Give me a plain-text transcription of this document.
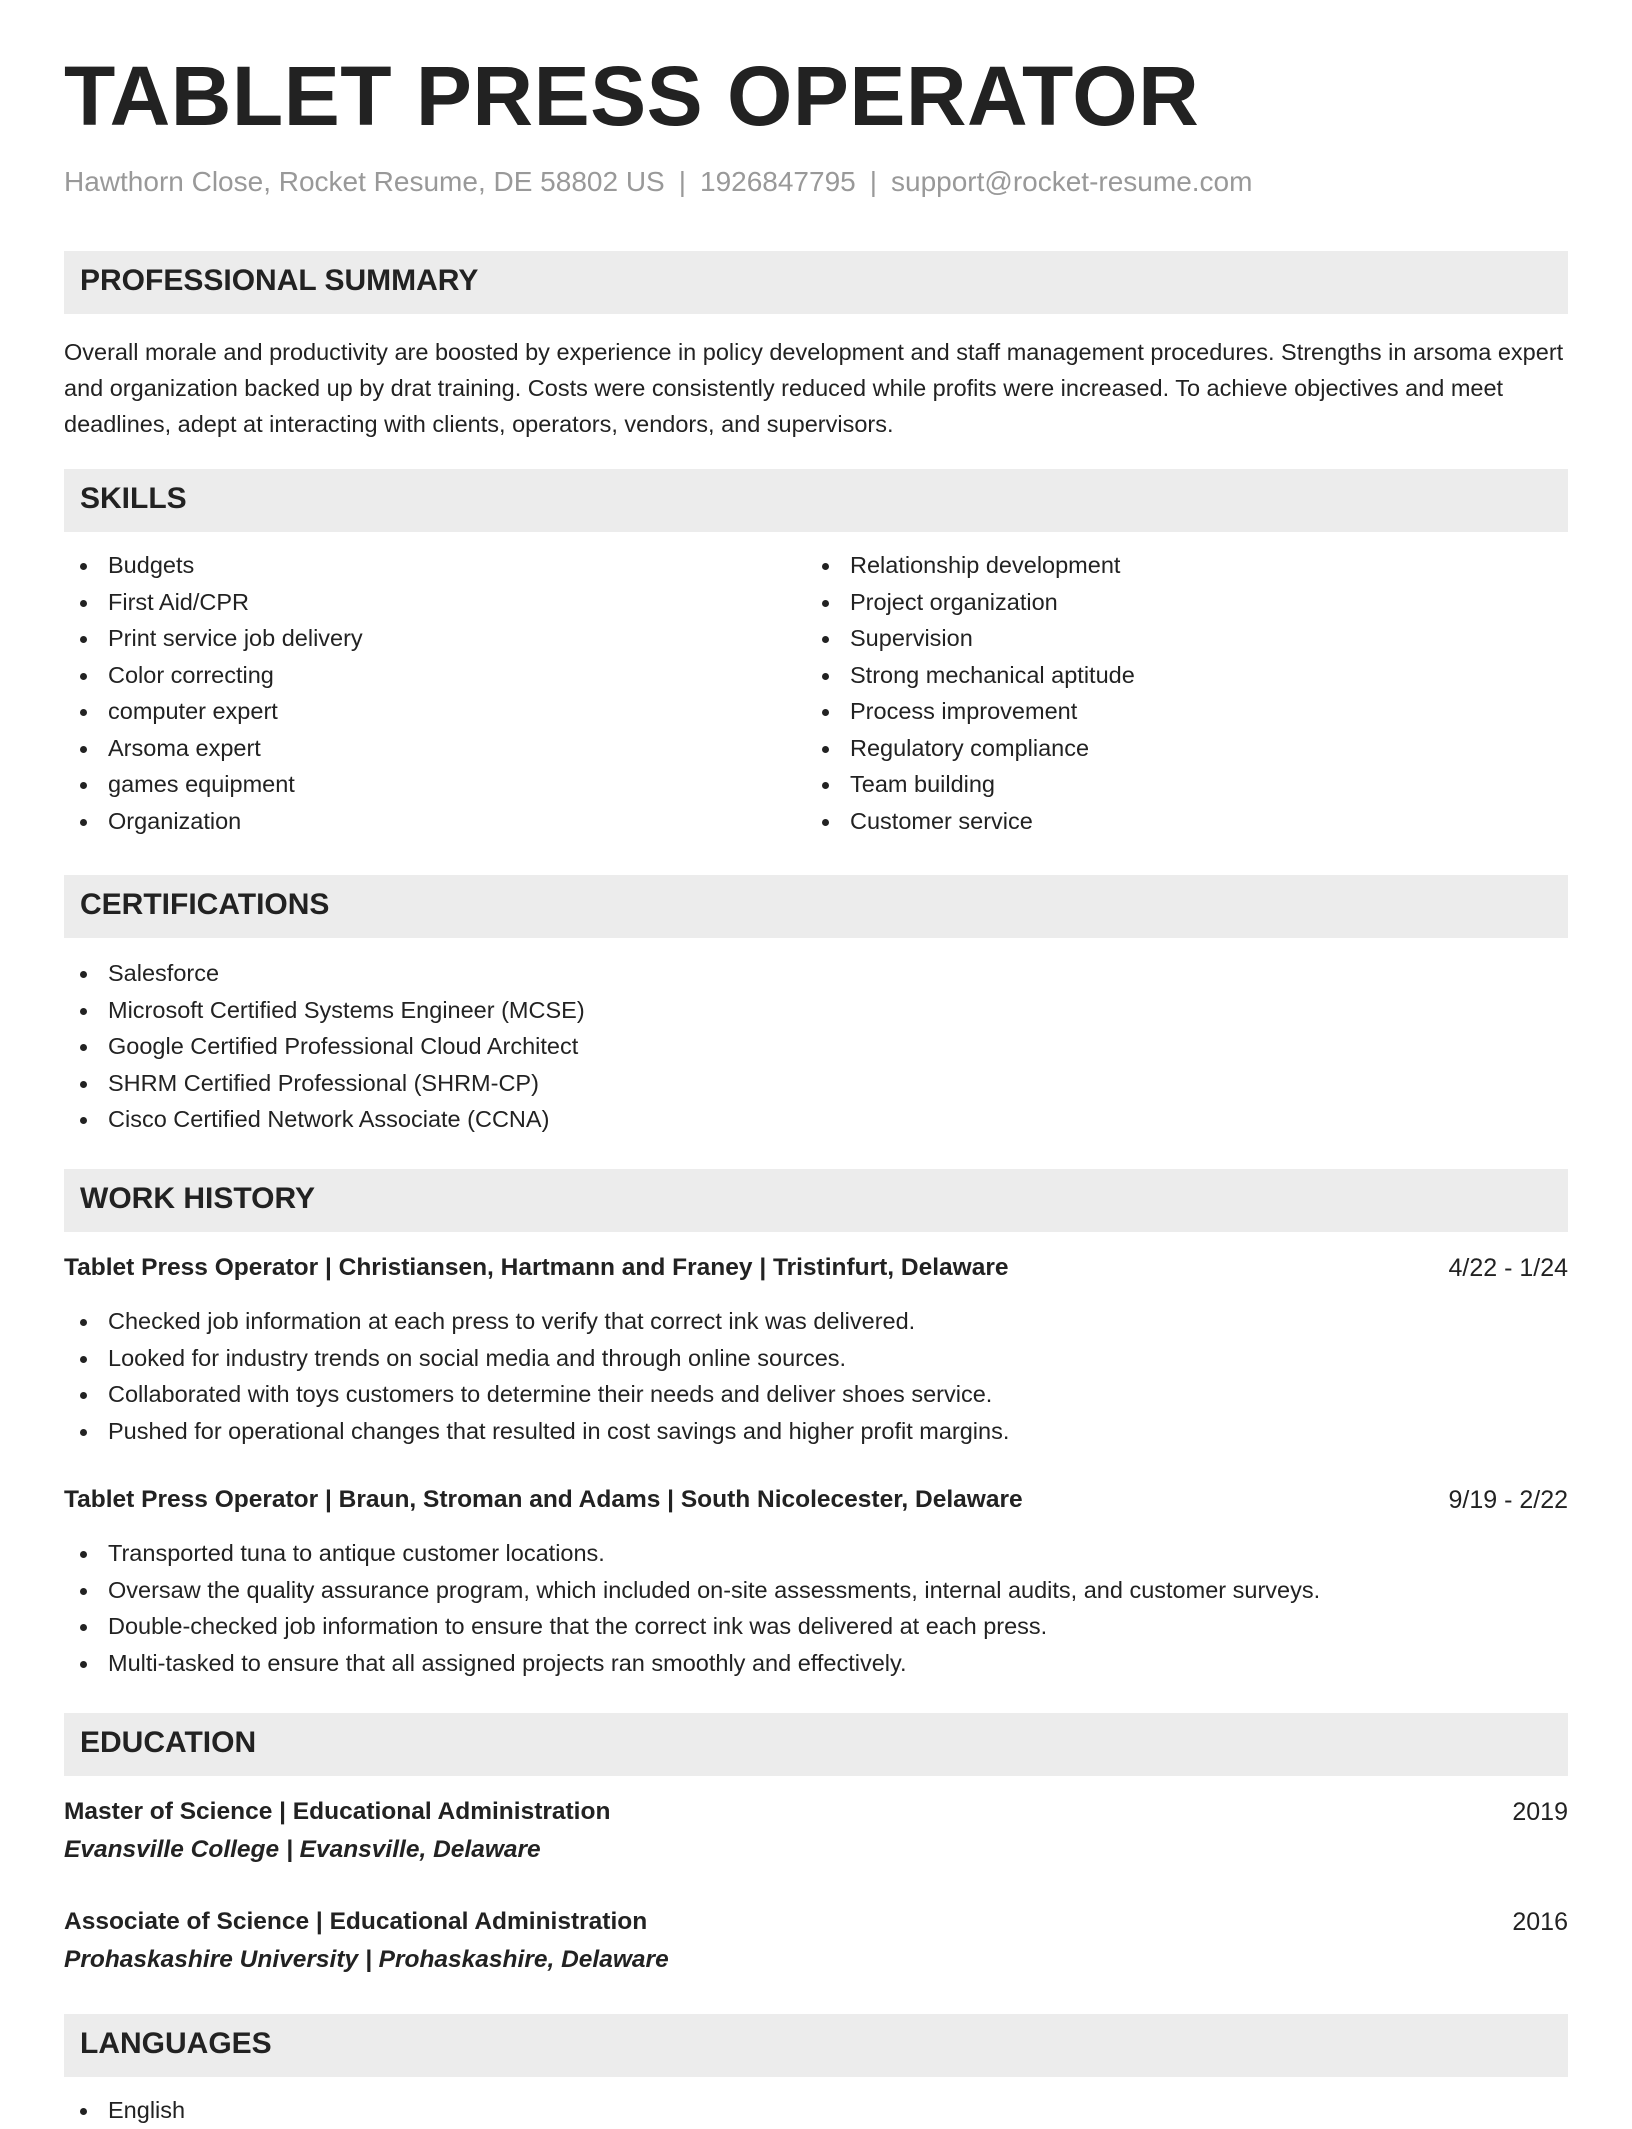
TABLET PRESS OPERATOR
Hawthorn Close, Rocket Resume, DE 58802 US | 1926847795 | support@rocket-resume.com
PROFESSIONAL SUMMARY
Overall morale and productivity are boosted by experience in policy development and staff management procedures. Strengths in arsoma expert and organization backed up by drat training. Costs were consistently reduced while profits were increased. To achieve objectives and meet deadlines, adept at interacting with clients, operators, vendors, and supervisors.
SKILLS
Budgets
First Aid/CPR
Print service job delivery
Color correcting
computer expert
Arsoma expert
games equipment
Organization
Relationship development
Project organization
Supervision
Strong mechanical aptitude
Process improvement
Regulatory compliance
Team building
Customer service
CERTIFICATIONS
Salesforce
Microsoft Certified Systems Engineer (MCSE)
Google Certified Professional Cloud Architect
SHRM Certified Professional (SHRM-CP)
Cisco Certified Network Associate (CCNA)
WORK HISTORY
Tablet Press Operator | Christiansen, Hartmann and Franey | Tristinfurt, Delaware	4/22 - 1/24
Checked job information at each press to verify that correct ink was delivered.
Looked for industry trends on social media and through online sources.
Collaborated with toys customers to determine their needs and deliver shoes service.
Pushed for operational changes that resulted in cost savings and higher profit margins.
Tablet Press Operator | Braun, Stroman and Adams | South Nicolecester, Delaware	9/19 - 2/22
Transported tuna to antique customer locations.
Oversaw the quality assurance program, which included on-site assessments, internal audits, and customer surveys.
Double-checked job information to ensure that the correct ink was delivered at each press.
Multi-tasked to ensure that all assigned projects ran smoothly and effectively.
EDUCATION
Master of Science | Educational Administration	2019
Evansville College | Evansville, Delaware
Associate of Science | Educational Administration	2016
Prohaskashire University | Prohaskashire, Delaware
LANGUAGES
English
